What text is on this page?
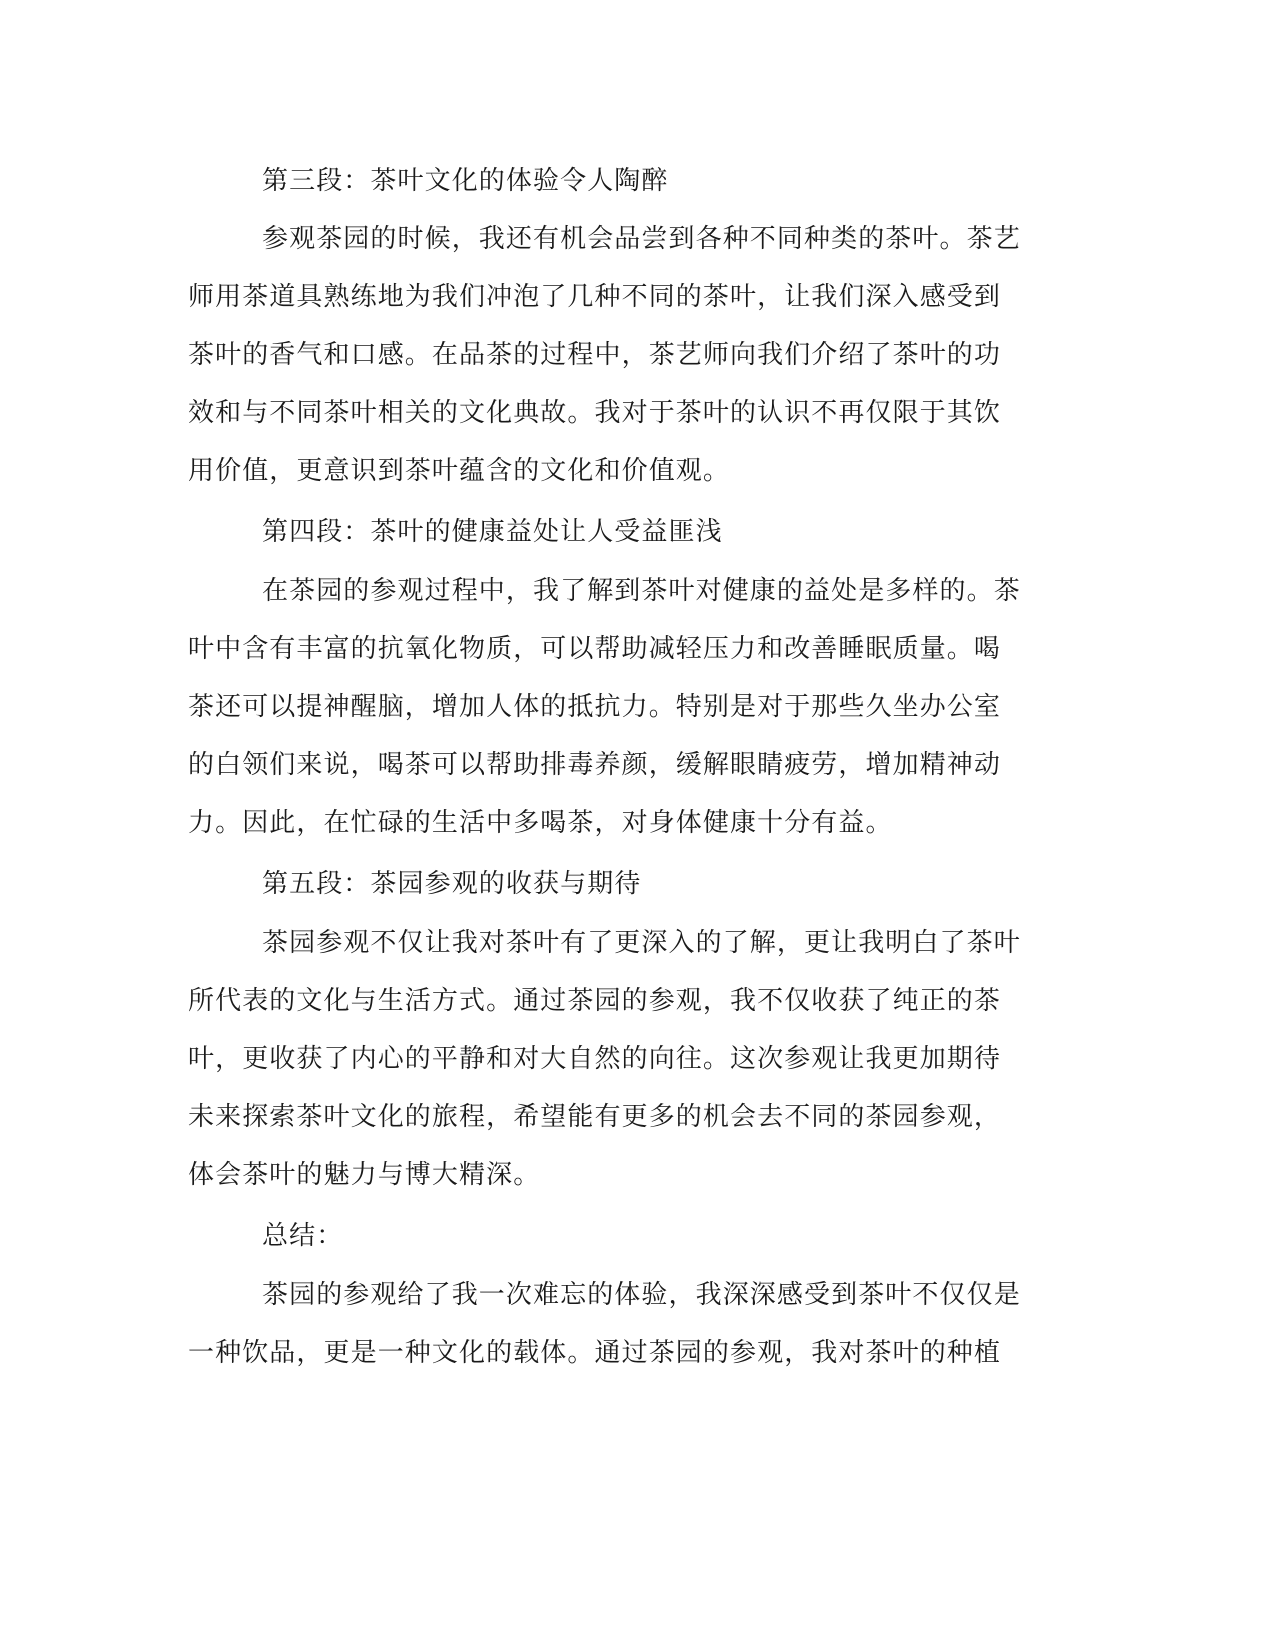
第三段：茶叶文化的体验令人陶醉

参观茶园的时候，我还有机会品尝到各种不同种类的茶叶。茶艺

师用茶道具熟练地为我们冲泡了几种不同的茶叶，让我们深入感受到

茶叶的香气和口感。在品茶的过程中，茶艺师向我们介绍了茶叶的功

效和与不同茶叶相关的文化典故。我对于茶叶的认识不再仅限于其饮

用价值，更意识到茶叶蕴含的文化和价值观。

第四段：茶叶的健康益处让人受益匪浅

在茶园的参观过程中，我了解到茶叶对健康的益处是多样的。茶

叶中含有丰富的抗氧化物质，可以帮助减轻压力和改善睡眠质量。喝

茶还可以提神醒脑，增加人体的抵抗力。特别是对于那些久坐办公室

的白领们来说，喝茶可以帮助排毒养颜，缓解眼睛疲劳，增加精神动

力。因此，在忙碌的生活中多喝茶，对身体健康十分有益。

第五段：茶园参观的收获与期待

茶园参观不仅让我对茶叶有了更深入的了解，更让我明白了茶叶

所代表的文化与生活方式。通过茶园的参观，我不仅收获了纯正的茶

叶，更收获了内心的平静和对大自然的向往。这次参观让我更加期待

未来探索茶叶文化的旅程，希望能有更多的机会去不同的茶园参观，

体会茶叶的魅力与博大精深。

总结：

茶园的参观给了我一次难忘的体验，我深深感受到茶叶不仅仅是

一种饮品，更是一种文化的载体。通过茶园的参观，我对茶叶的种植
